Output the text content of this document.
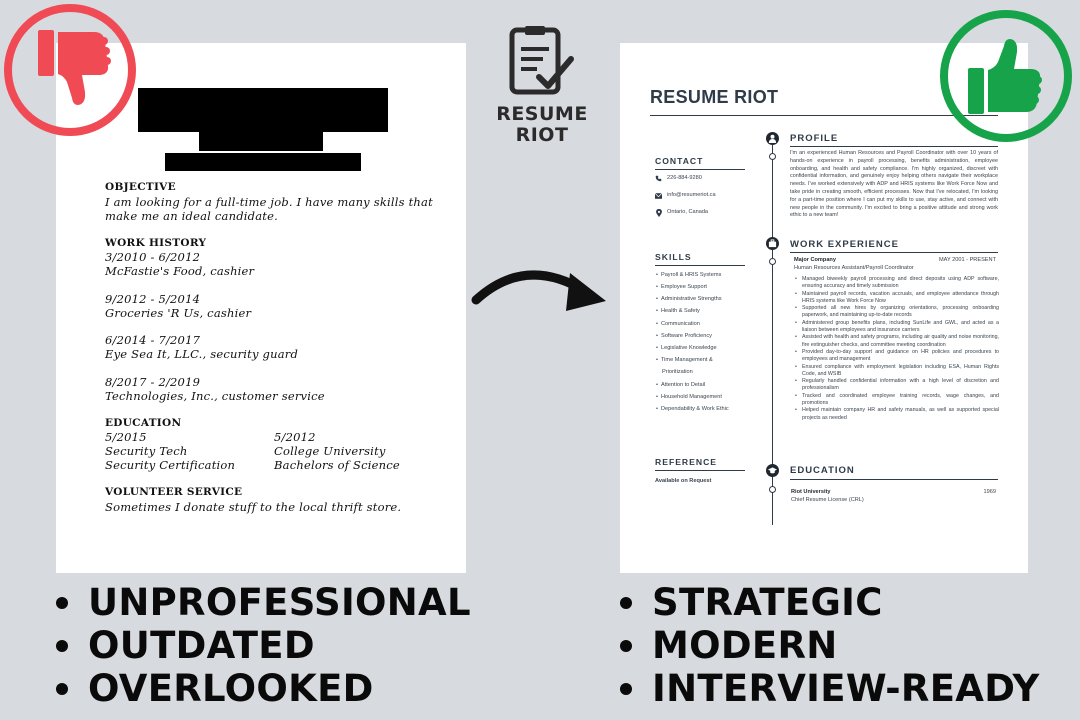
OBJECTIVE
I am looking for a full-time job. I have many skills that
make me an ideal candidate.
WORK HISTORY
3/2010 - 6/2012
McFastie's Food, cashier
9/2012 - 5/2014
Groceries 'R Us, cashier
6/2014 - 7/2017
Eye Sea It, LLC., security guard
8/2017 - 2/2019
Technologies, Inc., customer service
EDUCATION
5/2015
Security Tech
Security Certification
5/2012
College University
Bachelors of Science
VOLUNTEER SERVICE
Sometimes I donate stuff to the local thrift store.
RESUME
RIOT
RESUME RIOT
CONTACT
226-884-9280
info@resumeriot.ca
Ontario, Canada
SKILLS
• Payroll & HRIS Systems
• Employee Support
• Administrative Strengths
• Health & Safety
• Communication
• Software Proficiency
• Legislative Knowledge
• Time Management &
Prioritization
• Attention to Detail
• Household Management
• Dependability & Work Ethic
REFERENCE
Available on Request
PROFILE
I'm an experienced Human Resources and Payroll Coordinator with over 10 years of hands-on experience in payroll processing, benefits administration, employee onboarding, and health and safety compliance. I'm highly organized, discreet with confidential information, and genuinely enjoy helping others navigate their workplace needs. I've worked extensively with ADP and HRIS systems like Work Force Now and take pride in creating smooth, efficient processes. Now that I've relocated, I'm looking for a part-time position where I can put my skills to use, stay active, and connect with new people in the community. I'm excited to bring a positive attitude and strong work ethic to a new team!
WORK EXPERIENCE
Major Company	MAY 2001 - PRESENT
Human Resources Assistant/Payroll Coordinator
• Managed biweekly payroll processing and direct deposits using ADP software, ensuring accuracy and timely submission
• Maintained payroll records, vacation accruals, and employee attendance through HRIS systems like Work Force Now
• Supported all new hires by organizing orientations, processing onboarding paperwork, and maintaining up-to-date records
• Administered group benefits plans, including SunLife and GWL, and acted as a liaison between employees and insurance carriers
• Assisted with health and safety programs, including air quality and noise monitoring, fire extinguisher checks, and committee meeting coordination
• Provided day-to-day support and guidance on HR policies and procedures to employees and management
• Ensured compliance with employment legislation including ESA, Human Rights Code, and WSIB
• Regularly handled confidential information with a high level of discretion and professionalism
• Tracked and coordinated employee training records, wage changes, and promotions
• Helped maintain company HR and safety manuals, as well as supported special projects as needed
EDUCATION
Riot University	1969
Chief Resume License (CRL)
UNPROFESSIONAL
OUTDATED
OVERLOOKED
STRATEGIC
MODERN
INTERVIEW-READY
